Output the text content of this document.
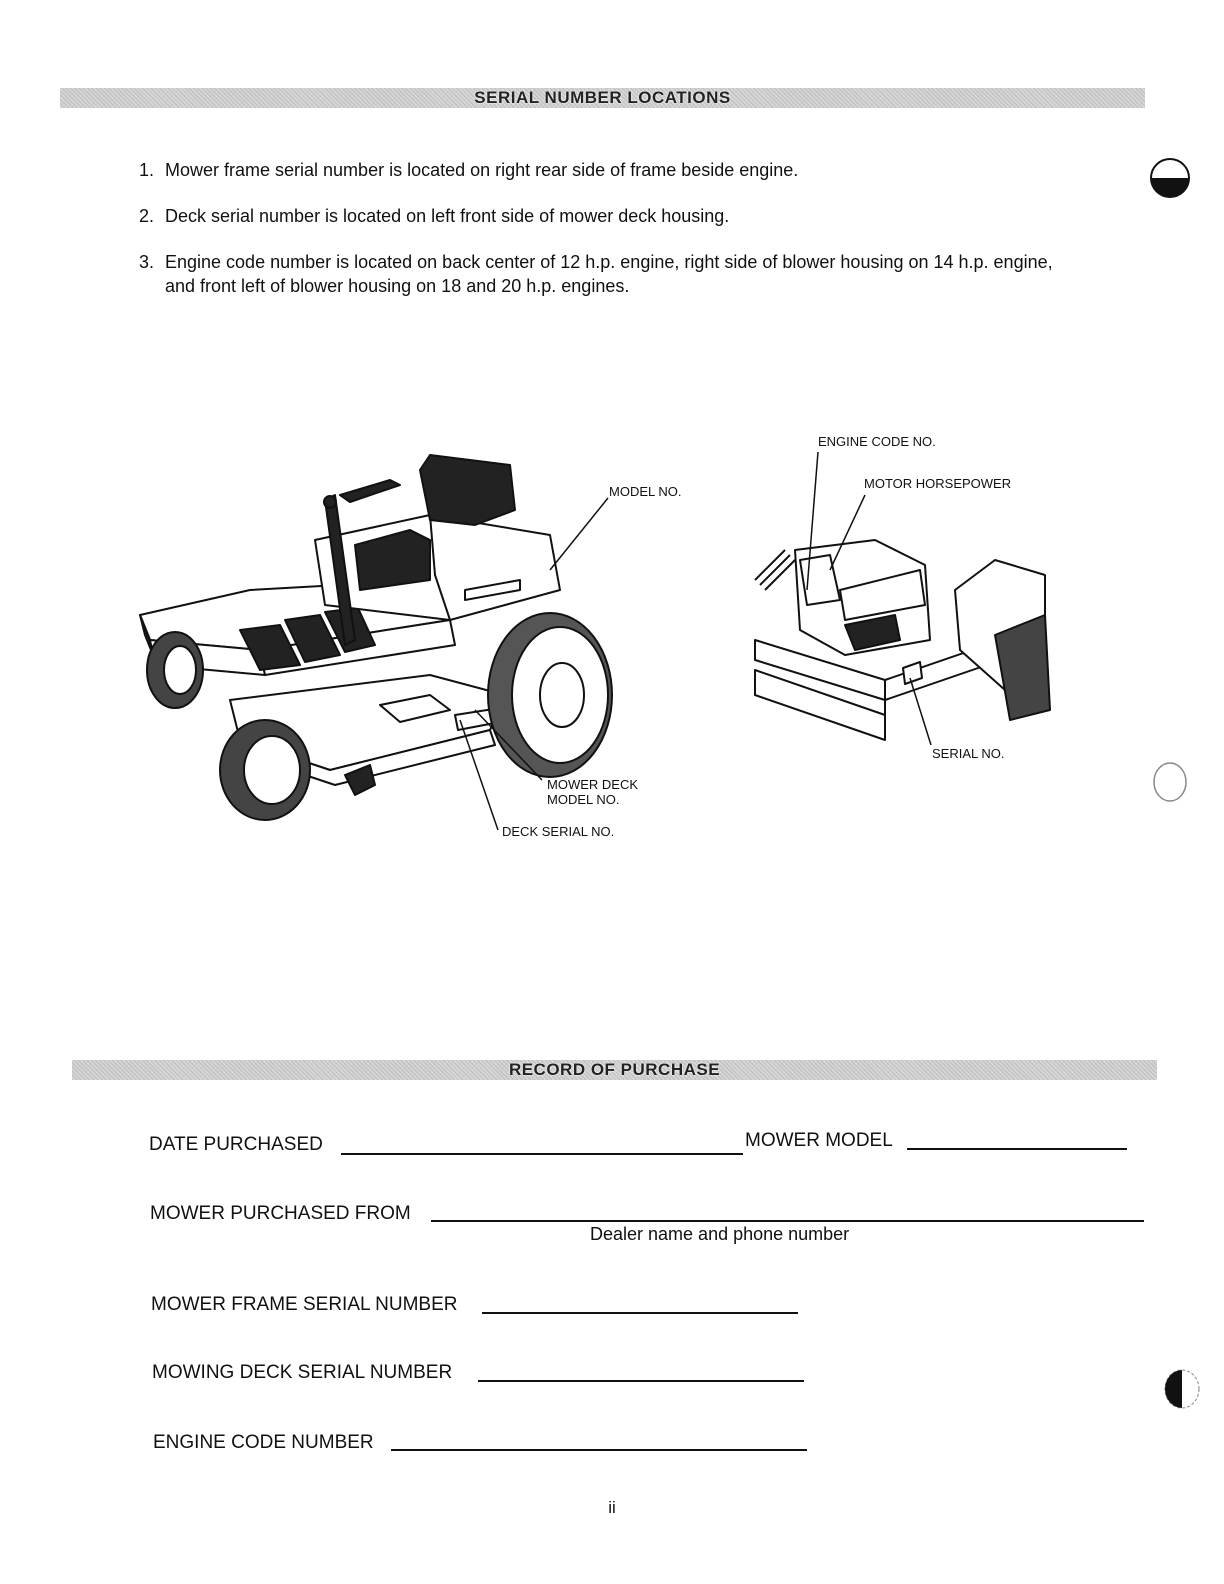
SERIAL NUMBER LOCATIONS
1. Mower frame serial number is located on right rear side of frame beside engine.
2. Deck serial number is located on left front side of mower deck housing.
3. Engine code number is located on back center of 12 h.p. engine, right side of blower housing on 14 h.p. engine, and front left of blower housing on 18 and 20 h.p. engines.
MODEL NO.
MOWER DECK
MODEL NO.
DECK SERIAL NO.
ENGINE CODE NO.
MOTOR HORSEPOWER
SERIAL NO.
RECORD OF PURCHASE
DATE PURCHASED	MOWER MODEL
MOWER PURCHASED FROM
Dealer name and phone number
MOWER FRAME SERIAL NUMBER
MOWING DECK SERIAL NUMBER
ENGINE CODE NUMBER
ii
